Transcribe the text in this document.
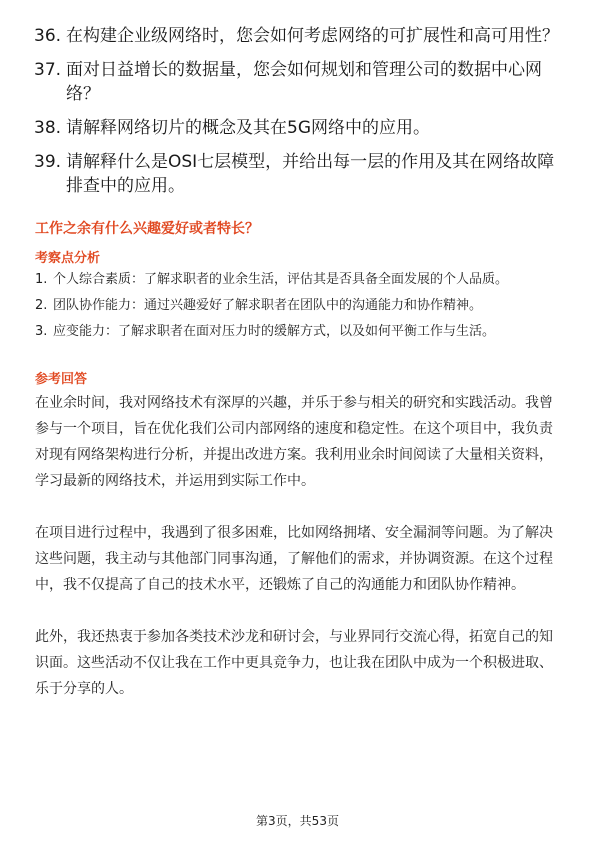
36. 在构建企业级网络时，您会如何考虑网络的可扩展性和高可用性？
37. 面对日益增长的数据量，您会如何规划和管理公司的数据中心网络？
38. 请解释网络切片的概念及其在5G网络中的应用。
39. 请解释什么是OSI七层模型，并给出每一层的作用及其在网络故障排查中的应用。
工作之余有什么兴趣爱好或者特长？
考察点分析
1. 个人综合素质：了解求职者的业余生活，评估其是否具备全面发展的个人品质。
2. 团队协作能力：通过兴趣爱好了解求职者在团队中的沟通能力和协作精神。
3. 应变能力：了解求职者在面对压力时的缓解方式，以及如何平衡工作与生活。
参考回答

在业余时间，我对网络技术有深厚的兴趣，并乐于参与相关的研究和实践活动。我曾参与一个项目，旨在优化我们公司内部网络的速度和稳定性。在这个项目中，我负责对现有网络架构进行分析，并提出改进方案。我利用业余时间阅读了大量相关资料，学习最新的网络技术，并运用到实际工作中。

在项目进行过程中，我遇到了很多困难，比如网络拥堵、安全漏洞等问题。为了解决这些问题，我主动与其他部门同事沟通，了解他们的需求，并协调资源。在这个过程中，我不仅提高了自己的技术水平，还锻炼了自己的沟通能力和团队协作精神。

此外，我还热衷于参加各类技术沙龙和研讨会，与业界同行交流心得，拓宽自己的知识面。这些活动不仅让我在工作中更具竞争力，也让我在团队中成为一个积极进取、乐于分享的人。

第3页，共53页
